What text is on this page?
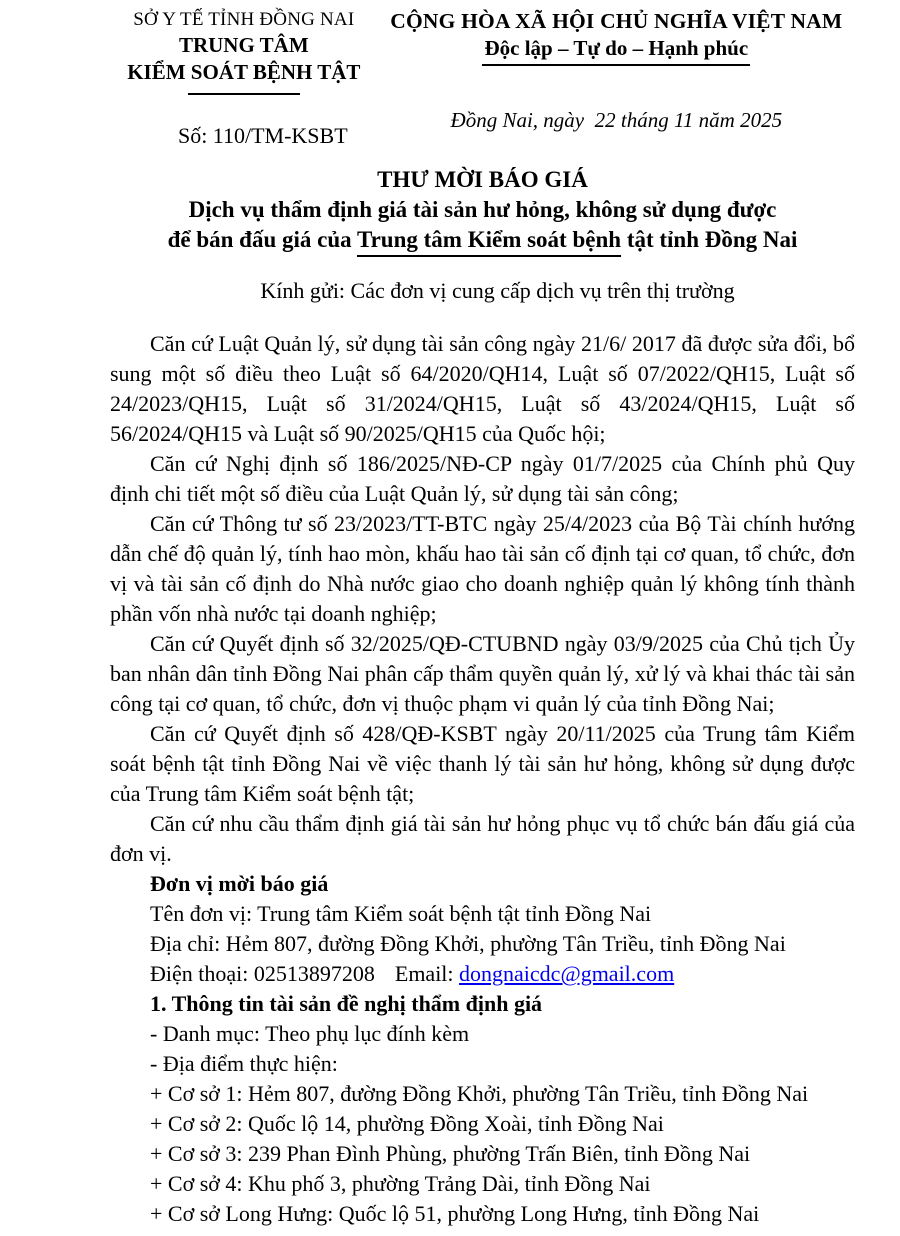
SỞ Y TẾ TỈNH ĐỒNG NAI
TRUNG TÂM
KIỂM SOÁT BỆNH TẬT
Số: 110/TM-KSBT
CỘNG HÒA XÃ HỘI CHỦ NGHĨA VIỆT NAM
Độc lập – Tự do – Hạnh phúc
Đồng Nai, ngày  22 tháng 11 năm 2025
THƯ MỜI BÁO GIÁ
Dịch vụ thẩm định giá tài sản hư hỏng, không sử dụng được
để bán đấu giá của Trung tâm Kiểm soát bệnh tật tỉnh Đồng Nai
Kính gửi: Các đơn vị cung cấp dịch vụ trên thị trường

Căn cứ Luật Quản lý, sử dụng tài sản công ngày 21/6/ 2017 đã được sửa đổi, bổ sung một số điều theo Luật số 64/2020/QH14, Luật số 07/2022/QH15, Luật số 24/2023/QH15, Luật số 31/2024/QH15, Luật số 43/2024/QH15, Luật số 56/2024/QH15 và Luật số 90/2025/QH15 của Quốc hội;

Căn cứ Nghị định số 186/2025/NĐ-CP ngày 01/7/2025 của Chính phủ Quy định chi tiết một số điều của Luật Quản lý, sử dụng tài sản công;

Căn cứ Thông tư số 23/2023/TT-BTC ngày 25/4/2023 của Bộ Tài chính hướng dẫn chế độ quản lý, tính hao mòn, khấu hao tài sản cố định tại cơ quan, tổ chức, đơn vị và tài sản cố định do Nhà nước giao cho doanh nghiệp quản lý không tính thành phần vốn nhà nước tại doanh nghiệp;

Căn cứ Quyết định số 32/2025/QĐ-CTUBND ngày 03/9/2025 của Chủ tịch Ủy ban nhân dân tỉnh Đồng Nai phân cấp thẩm quyền quản lý, xử lý và khai thác tài sản công tại cơ quan, tổ chức, đơn vị thuộc phạm vi quản lý của tỉnh Đồng Nai;

Căn cứ Quyết định số 428/QĐ-KSBT ngày 20/11/2025 của Trung tâm Kiểm soát bệnh tật tỉnh Đồng Nai về việc thanh lý tài sản hư hỏng, không sử dụng được của Trung tâm Kiểm soát bệnh tật;

Căn cứ nhu cầu thẩm định giá tài sản hư hỏng phục vụ tổ chức bán đấu giá của đơn vị.

Đơn vị mời báo giá
Tên đơn vị: Trung tâm Kiểm soát bệnh tật tỉnh Đồng Nai
Địa chỉ: Hẻm 807, đường Đồng Khởi, phường Tân Triều, tỉnh Đồng Nai
Điện thoại: 02513897208 Email: dongnaicdc@gmail.com
1. Thông tin tài sản đề nghị thẩm định giá
- Danh mục: Theo phụ lục đính kèm
- Địa điểm thực hiện:
+ Cơ sở 1: Hẻm 807, đường Đồng Khởi, phường Tân Triều, tỉnh Đồng Nai
+ Cơ sở 2: Quốc lộ 14, phường Đồng Xoài, tỉnh Đồng Nai
+ Cơ sở 3: 239 Phan Đình Phùng, phường Trấn Biên, tỉnh Đồng Nai
+ Cơ sở 4: Khu phố 3, phường Trảng Dài, tỉnh Đồng Nai
+ Cơ sở Long Hưng: Quốc lộ 51, phường Long Hưng, tỉnh Đồng Nai
